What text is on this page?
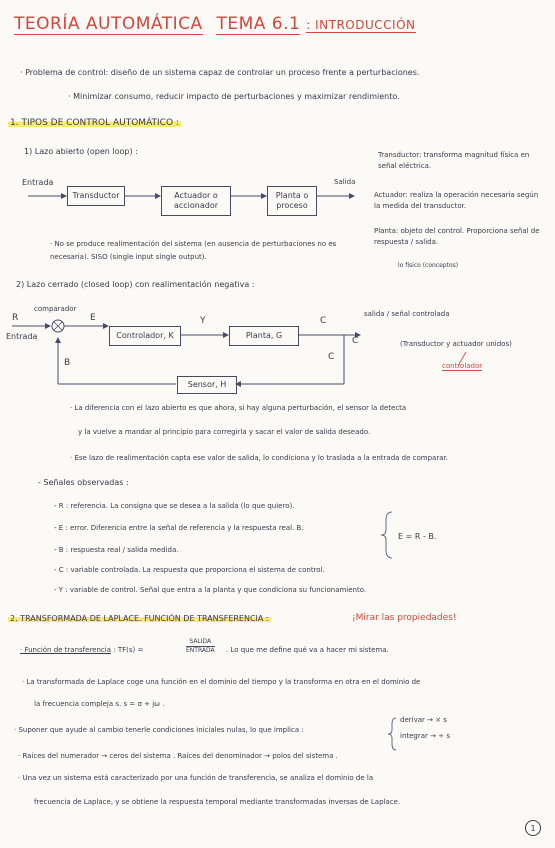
TEORÍA AUTOMÁTICA TEMA 6.1 : INTRODUCCIÓN
· Problema de control: diseño de un sistema capaz de controlar un proceso frente a perturbaciones.
· Minimizar consumo, reducir impacto de perturbaciones y maximizar rendimiento.
1. TIPOS DE CONTROL AUTOMÁTICO :
1) Lazo abierto (open loop) :
Entrada	Salida
Transductor	Actuador o accionador
Planta o proceso
Transductor: transforma magnitud física en señal eléctrica.
Actuador: realiza la operación necesaria según la medida del transductor.
Planta: objeto del control. Proporciona señal de respuesta / salida.
lo físico (conceptos)
· No se produce realimentación del sistema (en ausencia de perturbaciones no es necesaria). SISO (single input single output).
2) Lazo cerrado (closed loop) con realimentación negativa :
comparador
R
Entrada
E	Y	C
C
C
B
Controlador, K	Planta, G
Sensor, H
salida / señal controlada
(Transductor y actuador unidos)
controlador
· La diferencia con el lazo abierto es que ahora, si hay alguna perturbación, el sensor la detecta
y la vuelve a mandar al principio para corregirla y sacar el valor de salida deseado.
· Ese lazo de realimentación capta ese valor de salida, lo condiciona y lo traslada a la entrada de comparar.
- Señales observadas :
- R : referencia. La consigna que se desea a la salida (lo que quiero).
- E : error. Diferencia entre la señal de referencia y la respuesta real. B.
- B : respuesta real / salida medida.
- C : variable controlada. La respuesta que proporciona el sistema de control.
- Y : variable de control. Señal que entra a la planta y que condiciona su funcionamiento.
E = R - B.
2. TRANSFORMADA DE LAPLACE. FUNCIÓN DE TRANSFERENCIA :	¡Mirar las propiedades!
· Función de transferencia : TF(s) =
SALIDA
ENTRADA . Lo que me define qué va a hacer mi sistema.
· La transformada de Laplace coge una función en el dominio del tiempo y la transforma en otra en el dominio de
la frecuencia compleja s. s = σ + jω .
· Suponer que ayude al cambio tenerle condiciones iniciales nulas, lo que implica :
derivar → × s
integrar → ÷ s
· Raíces del numerador → ceros del sistema . Raíces del denominador → polos del sistema .
· Una vez un sistema está caracterizado por una función de transferencia, se analiza el dominio de la
frecuencia de Laplace, y se obtiene la respuesta temporal mediante transformadas inversas de Laplace.
1
